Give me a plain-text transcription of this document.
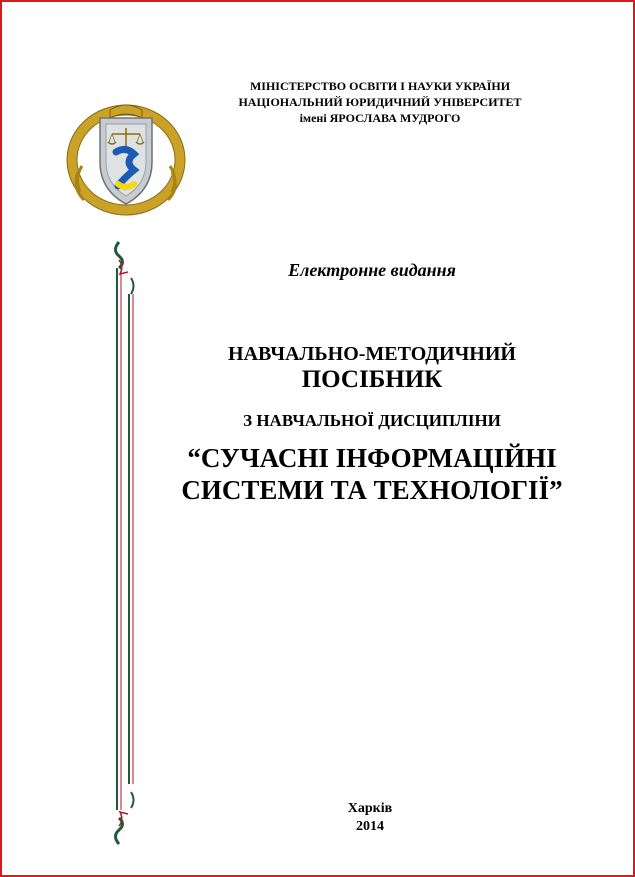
МІНІСТЕРСТВО ОСВІТИ І НАУКИ УКРАЇНИ
НАЦІОНАЛЬНИЙ ЮРИДИЧНИЙ УНІВЕРСИТЕТ
імені ЯРОСЛАВА МУДРОГО
Електронне видання
НАВЧАЛЬНО-МЕТОДИЧНИЙ
ПОСІБНИК
З НАВЧАЛЬНОЇ ДИСЦИПЛІНИ
“СУЧАСНІ ІНФОРМАЦІЙНІ
СИСТЕМИ ТА ТЕХНОЛОГІЇ”
Харків
2014
